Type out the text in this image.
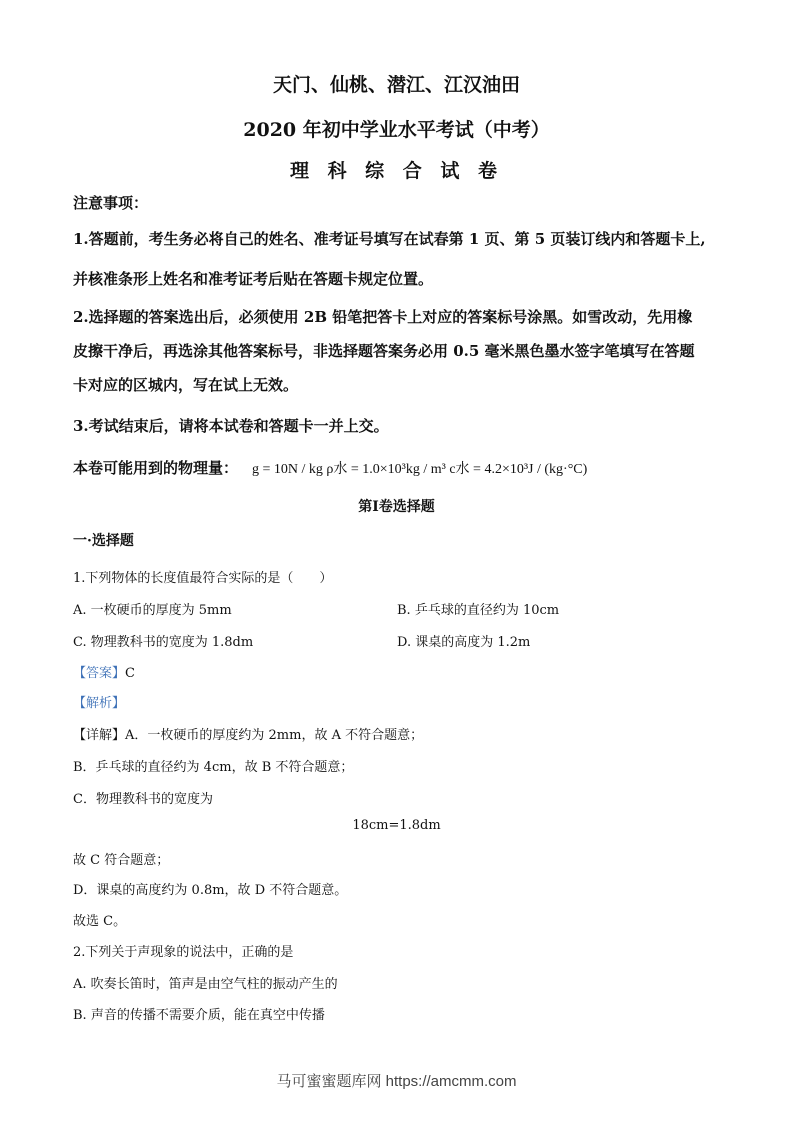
天门、仙桃、潜江、江汉油田
2020 年初中学业水平考试（中考）
理 科 综 合 试 卷
注意事项：
1.答题前，考生务必将自己的姓名、准考证号填写在试春第 1 页、第 5 页装订线内和答题卡上,
并核准条形上姓名和准考证考后贴在答题卡规定位置。
2.选择题的答案选出后，必须使用 2B 铅笔把答卡上对应的答案标号涂黑。如雪改动，先用橡
皮擦干净后，再选涂其他答案标号，非选择题答案务必用 0.5 毫米黑色墨水签字笔填写在答题
卡对应的区城内，写在试上无效。
3.考试结束后，请将本试卷和答题卡一并上交。
本卷可能用到的物理量： g = 10N / kg ρ水 = 1.0×10³kg / m³ c水 = 4.2×10³J / (kg·°C)
第Ⅰ卷选择题
一·选择题
1.下列物体的长度值最符合实际的是（　　）
A. 一枚硬币的厚度为 5mm	B. 乒乓球的直径约为 10cm
C. 物理教科书的宽度为 1.8dm	D. 课桌的高度为 1.2m
【答案】C
【解析】
【详解】A．一枚硬币的厚度约为 2mm，故 A 不符合题意；
B．乒乓球的直径约为 4cm，故 B 不符合题意；
C．物理教科书的宽度为
18cm=1.8dm
故 C 符合题意；
D．课桌的高度约为 0.8m，故 D 不符合题意。
故选 C。
2.下列关于声现象的说法中，正确的是
A. 吹奏长笛时，笛声是由空气柱的振动产生的
B. 声音的传播不需要介质，能在真空中传播
马可蜜蜜题库网 https://amcmm.com
